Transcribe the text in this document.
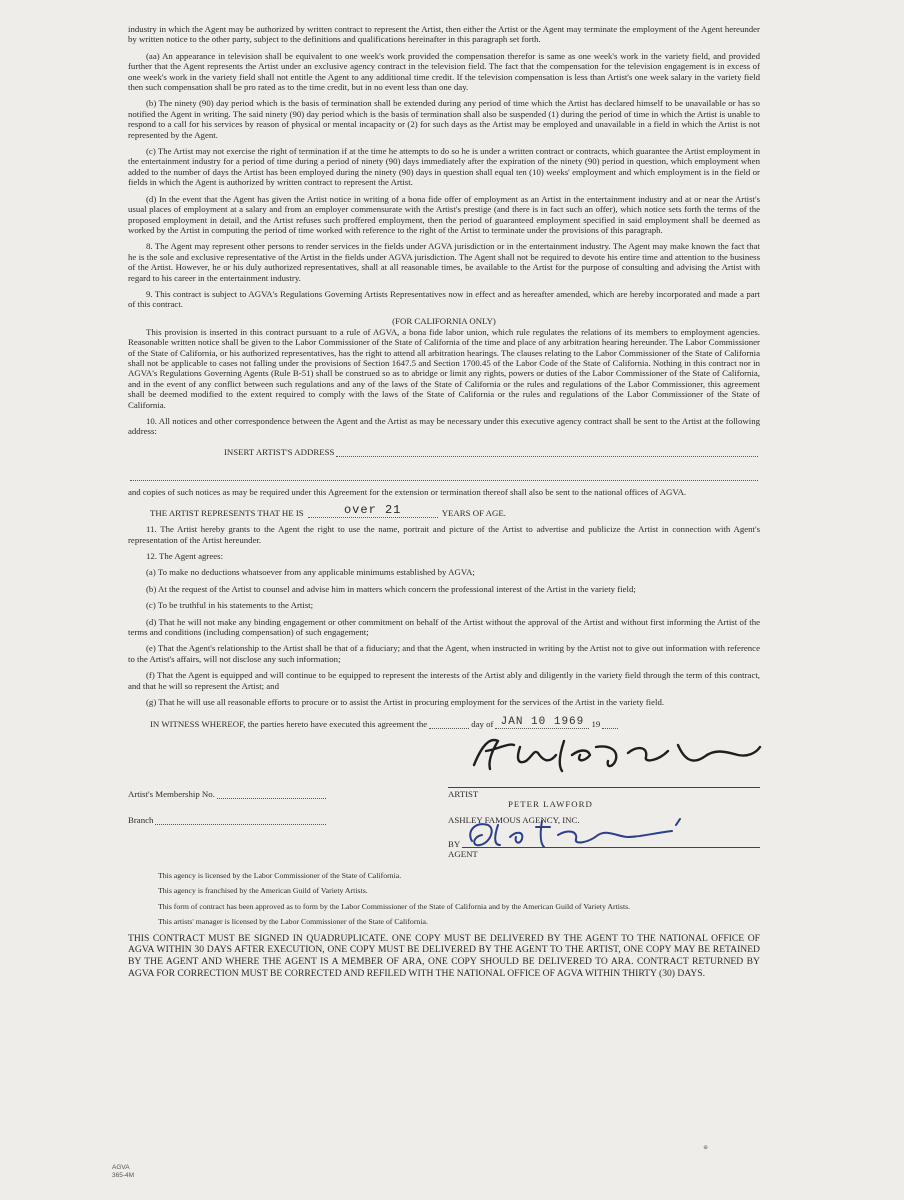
industry in which the Agent may be authorized by written contract to represent the Artist, then either the Artist or the Agent may terminate the employment of the Agent hereunder by written notice to the other party, subject to the definitions and qualifications hereinafter in this paragraph set forth.

(aa) An appearance in television shall be equivalent to one week's work provided the compensation therefor is same as one week's work in the variety field, and provided further that the Agent represents the Artist under an exclusive agency contract in the television field. The fact that the compensation for the television engagement is in excess of one week's work in the variety field shall not entitle the Agent to any additional time credit. If the television compensation is less than Artist's one week salary in the variety field then such compensation shall be pro rated as to the time credit, but in no event less than one day.

(b) The ninety (90) day period which is the basis of termination shall be extended during any period of time which the Artist has declared himself to be unavailable or has so notified the Agent in writing. The said ninety (90) day period which is the basis of termination shall also be suspended (1) during the period of time in which the Artist is unable to respond to a call for his services by reason of physical or mental incapacity or (2) for such days as the Artist may be employed and unavailable in a field in which the Artist is not represented by the Agent.

(c) The Artist may not exercise the right of termination if at the time he attempts to do so he is under a written contract or contracts, which guarantee the Artist employment in the entertainment industry for a period of time during a period of ninety (90) days immediately after the expiration of the ninety (90) period in question, which employment when added to the number of days the Artist has been employed during the ninety (90) days in question shall equal ten (10) weeks' employment and which employment is in the field or fields in which the Agent is authorized by written contract to represent the Artist.

(d) In the event that the Agent has given the Artist notice in writing of a bona fide offer of employment as an Artist in the entertainment industry and at or near the Artist's usual places of employment at a salary and from an employer commensurate with the Artist's prestige (and there is in fact such an offer), which notice sets forth the terms of the proposed employment in detail, and the Artist refuses such proffered employment, then the period of guaranteed employment specified in said employment shall be deemed as worked by the Artist in computing the period of time worked with reference to the right of the Artist to terminate under the provisions of this paragraph.

8. The Agent may represent other persons to render services in the fields under AGVA jurisdiction or in the entertainment industry. The Agent may make known the fact that he is the sole and exclusive representative of the Artist in the fields under AGVA jurisdiction. The Agent shall not be required to devote his entire time and attention to the business of the Artist. However, he or his duly authorized representatives, shall at all reasonable times, be available to the Artist for the purpose of consulting and advising the Artist with regard to his career in the entertainment industry.

9. This contract is subject to AGVA's Regulations Governing Artists Representatives now in effect and as hereafter amended, which are hereby incorporated and made a part of this contract.

(FOR CALIFORNIA ONLY)

This provision is inserted in this contract pursuant to a rule of AGVA, a bona fide labor union, which rule regulates the relations of its members to employment agencies. Reasonable written notice shall be given to the Labor Commissioner of the State of California of the time and place of any arbitration hearing hereunder. The Labor Commissioner of the State of California, or his authorized representatives, has the right to attend all arbitration hearings. The clauses relating to the Labor Commissioner of the State of California shall not be applicable to cases not falling under the provisions of Section 1647.5 and Section 1700.45 of the Labor Code of the State of California. Nothing in this contract nor in AGVA's Regulations Governing Agents (Rule B-51) shall be construed so as to abridge or limit any rights, powers or duties of the Labor Commissioner of the State of California, and in the event of any conflict between such regulations and any of the laws of the State of California or the rules and regulations of the Labor Commissioner, this agreement shall be deemed modified to the extent required to comply with the laws of the State of California or the rules and regulations of the Labor Commissioner of the State of California.

10. All notices and other correspondence between the Agent and the Artist as may be necessary under this executive agency contract shall be sent to the Artist at the following address:

INSERT ARTIST'S ADDRESS

and copies of such notices as may be required under this Agreement for the extension or termination thereof shall also be sent to the national offices of AGVA.

THE ARTIST REPRESENTS THAT HE IS	over 21	YEARS OF AGE.

11. The Artist hereby grants to the Agent the right to use the name, portrait and picture of the Artist to advertise and publicize the Artist in connection with Agent's representation of the Artist hereunder.

12. The Agent agrees:

(a) To make no deductions whatsoever from any applicable minimums established by AGVA;

(b) At the request of the Artist to counsel and advise him in matters which concern the professional interest of the Artist in the variety field;

(c) To be truthful in his statements to the Artist;

(d) That he will not make any binding engagement or other commitment on behalf of the Artist without the approval of the Artist and without first informing the Artist of the terms and conditions (including compensation) of such engagement;

(e) That the Agent's relationship to the Artist shall be that of a fiduciary; and that the Agent, when instructed in writing by the Artist not to give out information with reference to the Artist's affairs, will not disclose any such information;

(f) That the Agent is equipped and will continue to be equipped to represent the interests of the Artist ably and diligently in the variety field through the term of this contract, and that he will so represent the Artist; and

(g) That he will use all reasonable efforts to procure or to assist the Artist in procuring employment for the services of the Artist in the variety field.

IN WITNESS WHEREOF, the parties hereto have executed this agreement the	day of JAN 10 1969 19
Artist's Membership No.
Branch
ARTIST
PETER LAWFORD
ASHLEY FAMOUS AGENCY, INC.
BY
AGENT

This agency is licensed by the Labor Commissioner of the State of California.

This agency is franchised by the American Guild of Variety Artists.

This form of contract has been approved as to form by the Labor Commissioner of the State of California and by the American Guild of Variety Artists.

This artists' manager is licensed by the Labor Commissioner of the State of California.

THIS CONTRACT MUST BE SIGNED IN QUADRUPLICATE. ONE COPY MUST BE DELIVERED BY THE AGENT TO THE NATIONAL OFFICE OF AGVA WITHIN 30 DAYS AFTER EXECUTION, ONE COPY MUST BE DELIVERED BY THE AGENT TO THE ARTIST, ONE COPY MAY BE RETAINED BY THE AGENT AND WHERE THE AGENT IS A MEMBER OF ARA, ONE COPY SHOULD BE DELIVERED TO ARA. CONTRACT RETURNED BY AGVA FOR CORRECTION MUST BE CORRECTED AND REFILED WITH THE NATIONAL OFFICE OF AGVA WITHIN THIRTY (30) DAYS.

⊕
AGVA
365-4M
